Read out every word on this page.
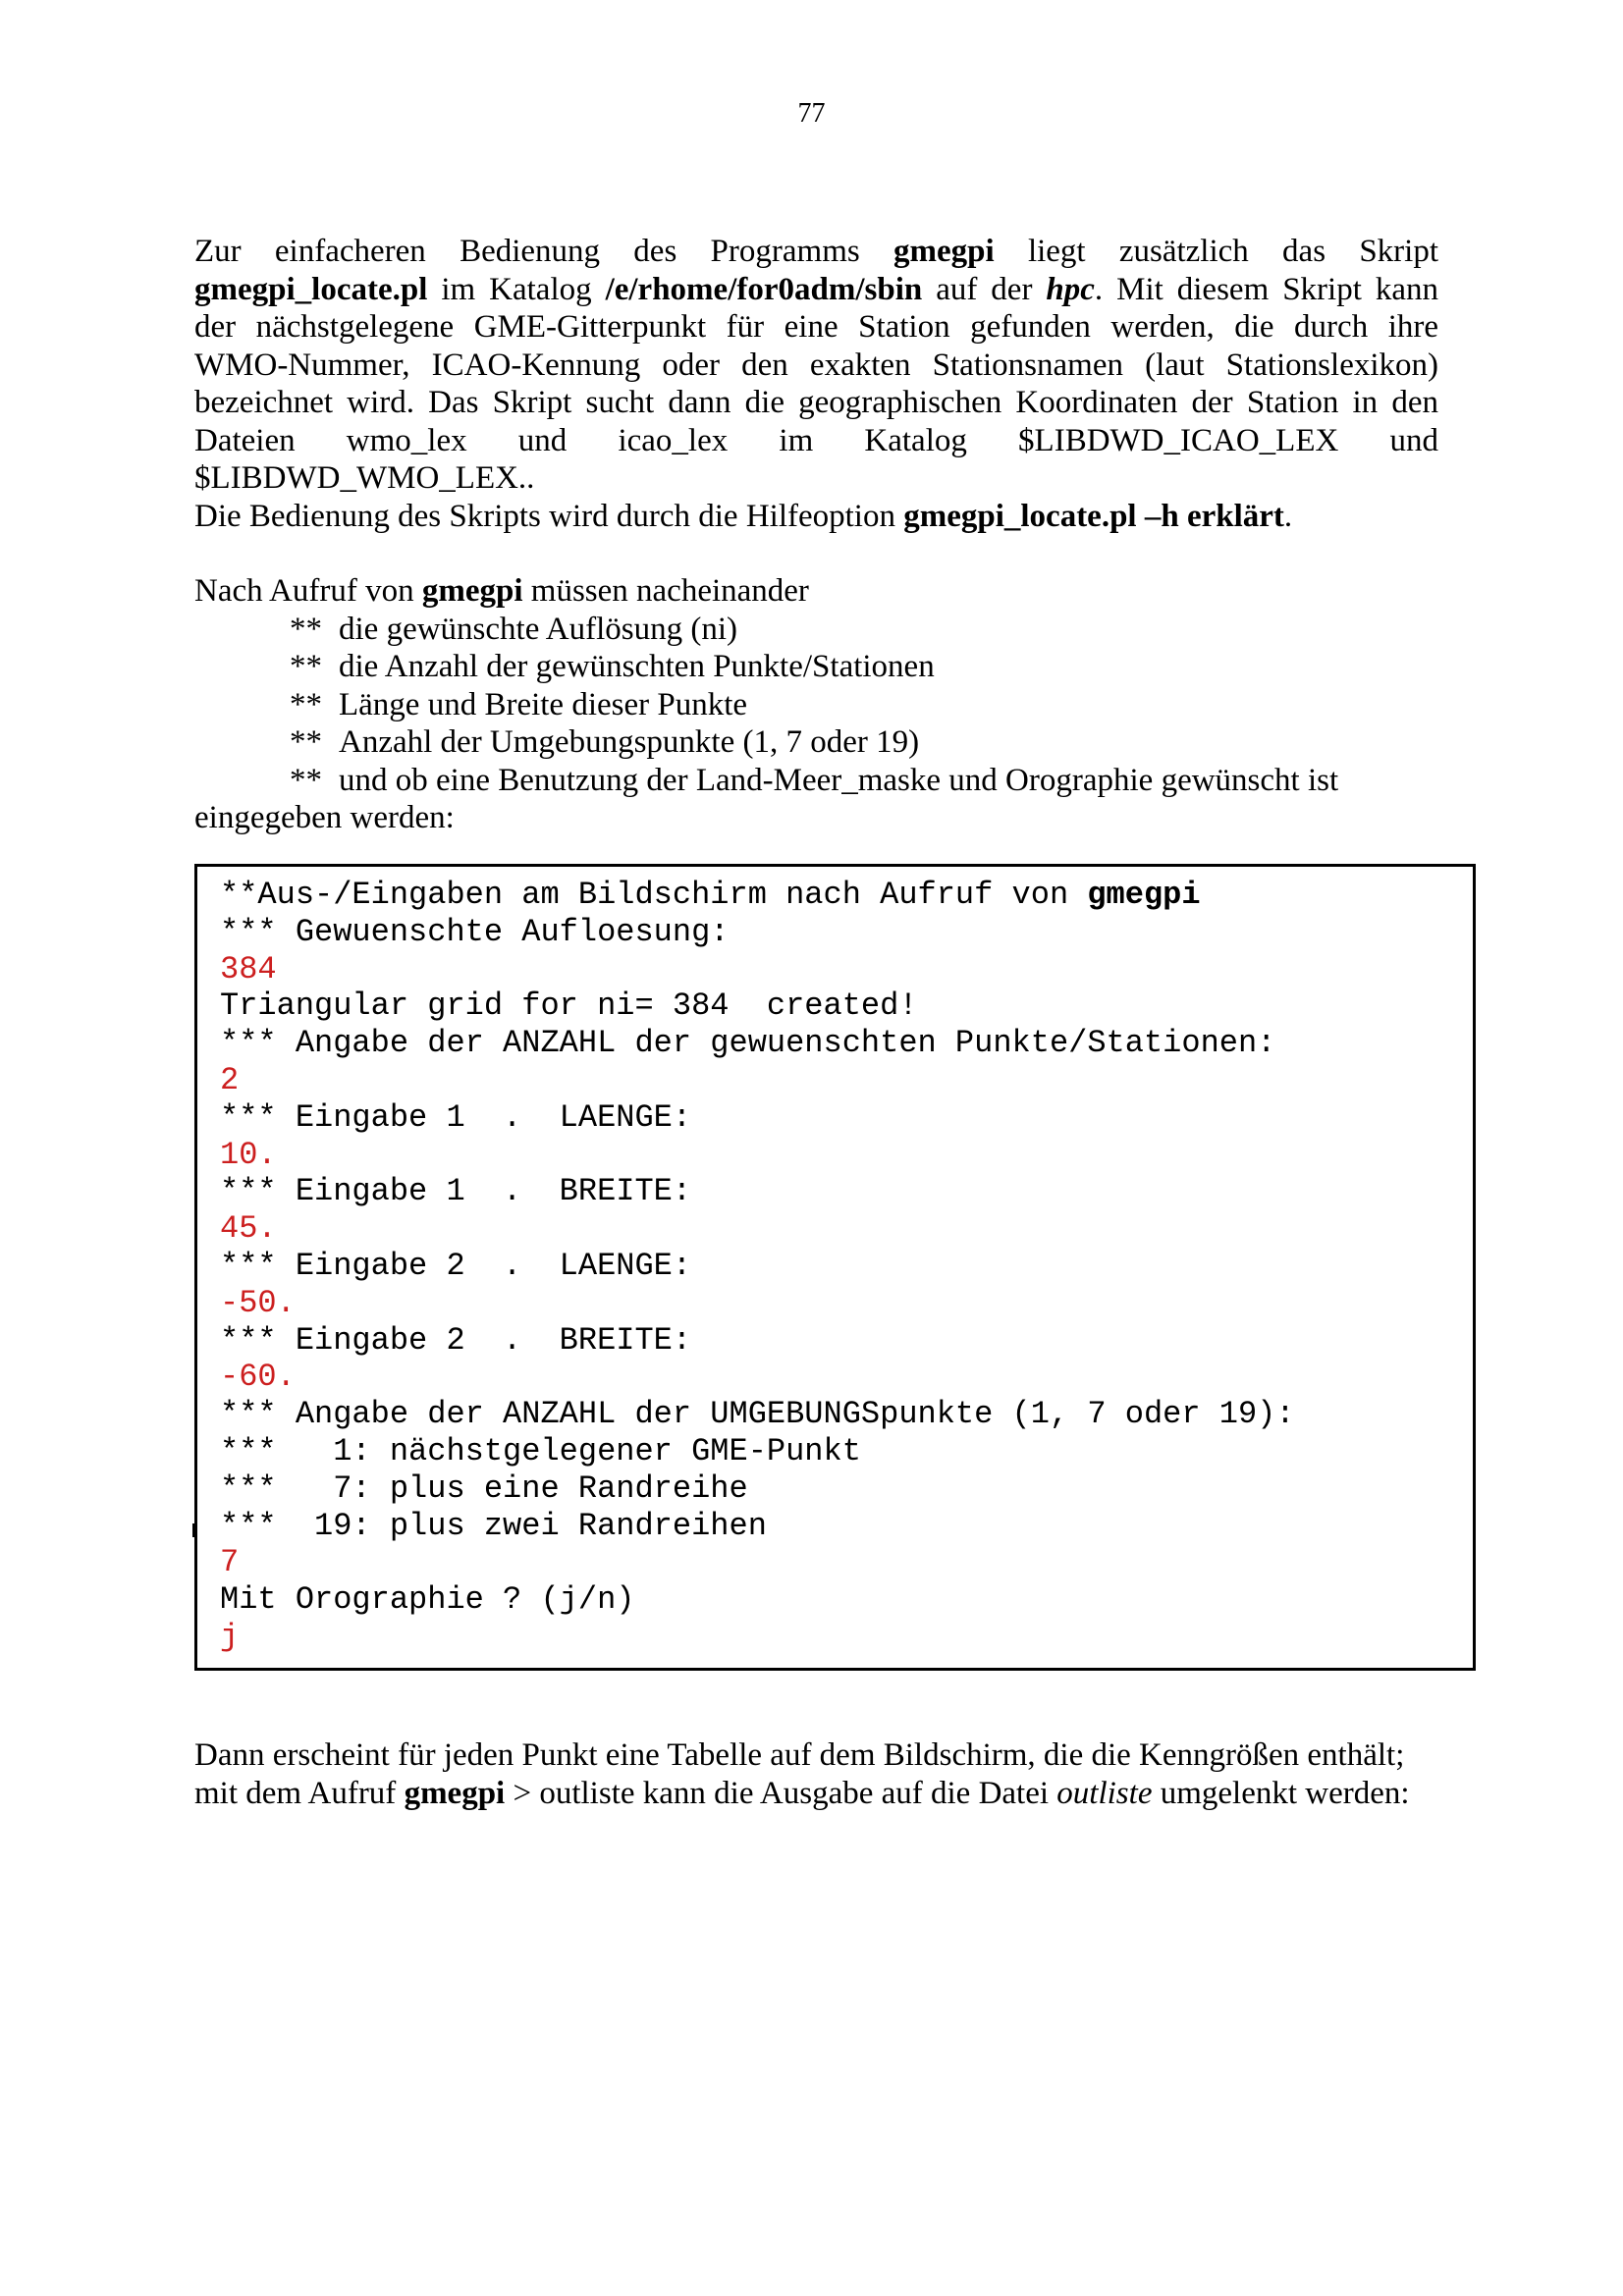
77
Zur einfacheren Bedienung des Programms gmegpi liegt zusätzlich das Skript
gmegpi_locate.pl im Katalog /e/rhome/for0adm/sbin auf der hpc. Mit diesem Skript kann
der nächstgelegene GME-Gitterpunkt für eine Station gefunden werden, die durch ihre
WMO-Nummer, ICAO-Kennung oder den exakten Stationsnamen (laut Stationslexikon)
bezeichnet wird. Das Skript sucht dann die geographischen Koordinaten der Station in den
Dateien wmo_lex und icao_lex im Katalog $LIBDWD_ICAO_LEX und
$LIBDWD_WMO_LEX..
Die Bedienung des Skripts wird durch die Hilfeoption gmegpi_locate.pl –h erklärt.
Nach Aufruf von gmegpi müssen nacheinander
** die gewünschte Auflösung (ni)
** die Anzahl der gewünschten Punkte/Stationen
** Länge und Breite dieser Punkte
** Anzahl der Umgebungspunkte (1, 7 oder 19)
** und ob eine Benutzung der Land-Meer_maske und Orographie gewünscht ist
eingegeben werden:
**Aus-/Eingaben am Bildschirm nach Aufruf von gmegpi
*** Gewuenschte Aufloesung:
384
Triangular grid for ni= 384  created!
*** Angabe der ANZAHL der gewuenschten Punkte/Stationen:
2
*** Eingabe 1  .  LAENGE:
10.
*** Eingabe 1  .  BREITE:
45.
*** Eingabe 2  .  LAENGE:
-50.
*** Eingabe 2  .  BREITE:
-60.
*** Angabe der ANZAHL der UMGEBUNGSpunkte (1, 7 oder 19):
***   1: nächstgelegener GME-Punkt
***   7: plus eine Randreihe
***  19: plus zwei Randreihen
7
Mit Orographie ? (j/n)
j
Dann erscheint für jeden Punkt eine Tabelle auf dem Bildschirm, die die Kenngrößen enthält;
mit dem Aufruf gmegpi > outliste kann die Ausgabe auf die Datei outliste umgelenkt werden:
